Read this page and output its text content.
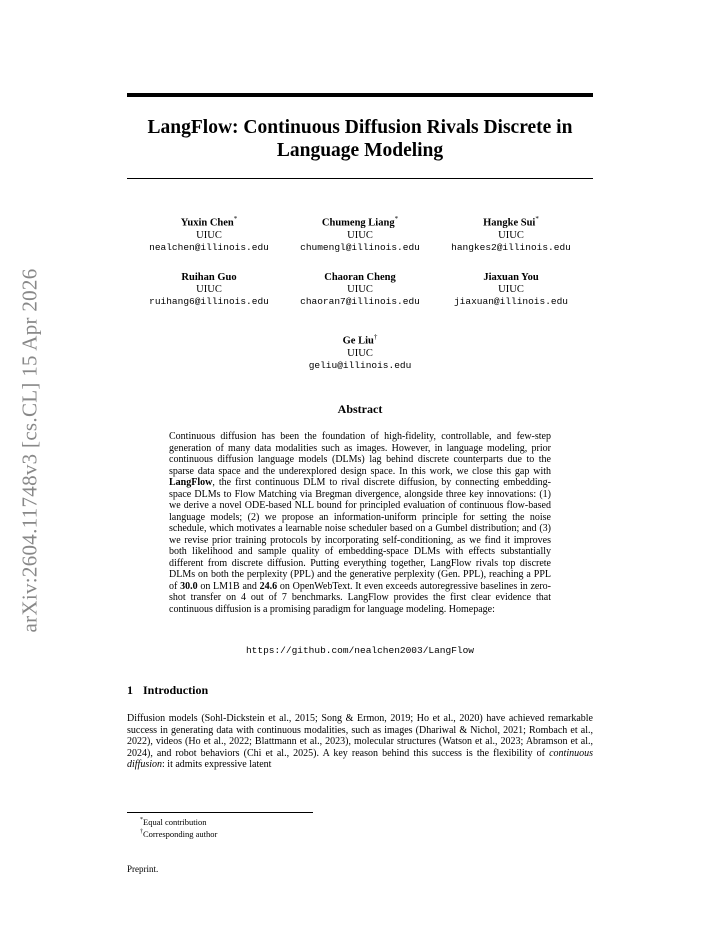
arXiv:2604.11748v3 [cs.CL] 15 Apr 2026
LangFlow: Continuous Diffusion Rivals Discrete in
Language Modeling
Yuxin Chen*
UIUC
nealchen@illinois.edu
Chumeng Liang*
UIUC
chumengl@illinois.edu
Hangke Sui*
UIUC
hangkes2@illinois.edu
Ruihan Guo
UIUC
ruihang6@illinois.edu
Chaoran Cheng
UIUC
chaoran7@illinois.edu
Jiaxuan You
UIUC
jiaxuan@illinois.edu
Ge Liu†
UIUC
geliu@illinois.edu
Abstract

Continuous diffusion has been the foundation of high-fidelity, controllable, and few-step generation of many data modalities such as images. However, in language modeling, prior continuous diffusion language models (DLMs) lag behind discrete counterparts due to the sparse data space and the underexplored design space. In this work, we close this gap with LangFlow, the first continuous DLM to rival discrete diffusion, by connecting embedding-space DLMs to Flow Matching via Bregman divergence, alongside three key innovations: (1) we derive a novel ODE-based NLL bound for principled evaluation of continuous flow-based language models; (2) we propose an information-uniform principle for setting the noise schedule, which motivates a learnable noise scheduler based on a Gumbel distribution; and (3) we revise prior training protocols by incorporating self-conditioning, as we find it improves both likelihood and sample quality of embedding-space DLMs with effects substantially different from discrete diffusion. Putting everything together, LangFlow rivals top discrete DLMs on both the perplexity (PPL) and the generative perplexity (Gen. PPL), reaching a PPL of 30.0 on LM1B and 24.6 on OpenWebText. It even exceeds autoregressive baselines in zero-shot transfer on 4 out of 7 benchmarks. LangFlow provides the first clear evidence that continuous diffusion is a promising paradigm for language modeling. Homepage:

https://github.com/nealchen2003/LangFlow
1 Introduction

Diffusion models (Sohl-Dickstein et al., 2015; Song & Ermon, 2019; Ho et al., 2020) have achieved remarkable success in generating data with continuous modalities, such as images (Dhariwal & Nichol, 2021; Rombach et al., 2022), videos (Ho et al., 2022; Blattmann et al., 2023), molecular structures (Watson et al., 2023; Abramson et al., 2024), and robot behaviors (Chi et al., 2025). A key reason behind this success is the flexibility of continuous diffusion: it admits expressive latent

*Equal contribution
†Corresponding author
Preprint.
